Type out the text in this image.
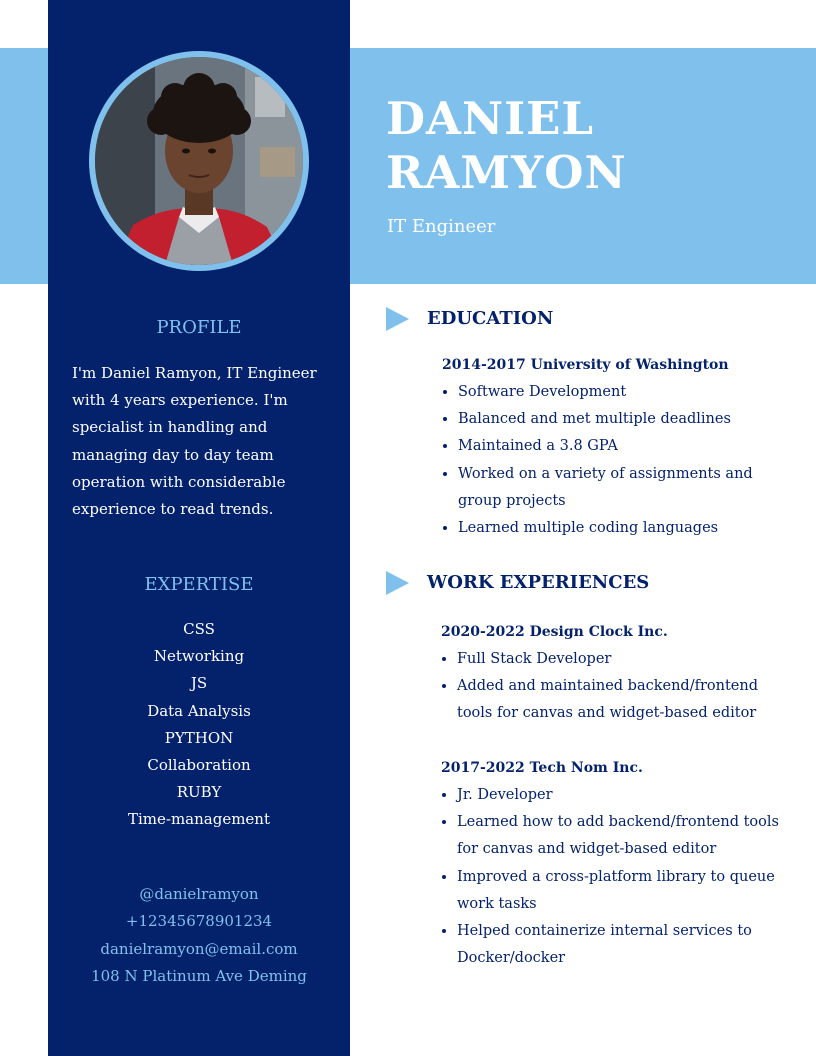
DANIEL
RAMYON

IT Engineer

PROFILE

I'm Daniel Ramyon, IT Engineer with 4 years experience. I'm specialist in handling and managing day to day team operation with considerable experience to read trends.

EXPERTISE
CSS
Networking
JS
Data Analysis
PYTHON
Collaboration
RUBY
Time-management
@danielramyon
+12345678901234
danielramyon@email.com
108 N Platinum Ave Deming
EDUCATION

2014-2017 University of Washington

• Software Development
• Balanced and met multiple deadlines
• Maintained a 3.8 GPA
• Worked on a variety of assignments and group projects
• Learned multiple coding languages
WORK EXPERIENCES

2020-2022 Design Clock Inc.

• Full Stack Developer
• Added and maintained backend/frontend tools for canvas and widget-based editor

2017-2022 Tech Nom Inc.

• Jr. Developer
• Learned how to add backend/frontend tools for canvas and widget-based editor
• Improved a cross-platform library to queue work tasks
• Helped containerize internal services to Docker/docker
